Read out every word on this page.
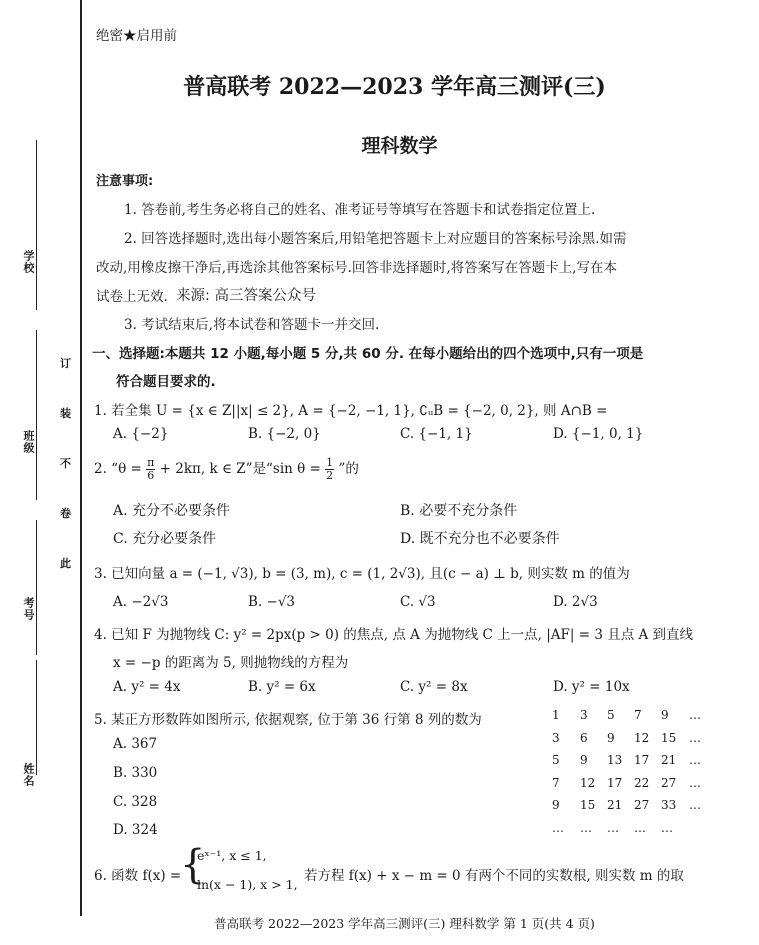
学校
班级
考号
姓名
订
装
不
卷
此
绝密★启用前
普高联考 2022—2023 学年高三测评(三)
理科数学
注意事项:
1. 答卷前,考生务必将自己的姓名、准考证号等填写在答题卡和试卷指定位置上.
2. 回答选择题时,选出每小题答案后,用铅笔把答题卡上对应题目的答案标号涂黑.如需
改动,用橡皮擦干净后,再选涂其他答案标号.回答非选择题时,将答案写在答题卡上,写在本
试卷上无效. 来源: 高三答案公众号
3. 考试结束后,将本试卷和答题卡一并交回.
一、选择题:本题共 12 小题,每小题 5 分,共 60 分. 在每小题给出的四个选项中,只有一项是
符合题目要求的.
1. 若全集 U = {x ∈ Z||x| ≤ 2}, A = {−2, −1, 1}, ∁ᵤB = {−2, 0, 2}, 则 A∩B =
A. {−2}	B. {−2, 0}	C. {−1, 1}	D. {−1, 0, 1}
2. “$\theta = \frac{\pi}{6} + 2k\pi$, k ∈ Z”是“sin $\theta = \frac{1}{2}$ ”的
A. 充分不必要条件	B. 必要不充分条件
C. 充分必要条件	D. 既不充分也不必要条件
3. 已知向量 a = (−1, √3), b = (3, m), c = (1, 2√3), 且(c − a) ⊥ b, 则实数 m 的值为
A. −2√3	B. −√3	C. √3	D. 2√3
4. 已知 F 为抛物线 C: y² = 2px(p > 0) 的焦点, 点 A 为抛物线 C 上一点, |AF| = 3 且点 A 到直线
x = −p 的距离为 5, 则抛物线的方程为
A. y² = 4x	B. y² = 6x	C. y² = 8x	D. y² = 10x
5. 某正方形数阵如图所示, 依据观察, 位于第 36 行第 8 列的数为
A. 367
B. 330
C. 328
D. 324
1 3 5 7 9 …
3 6 9 12 15 …
5 9 13 17 21 …
7 12 17 22 27 …
9 15 21 27 33 …
… … … … …
6. 函数 f(x) =
{
eˣ⁻¹, x ≤ 1,
ln(x − 1), x > 1,
若方程 f(x) + x − m = 0 有两个不同的实数根, 则实数 m 的取
普高联考 2022—2023 学年高三测评(三) 理科数学 第 1 页(共 4 页)
